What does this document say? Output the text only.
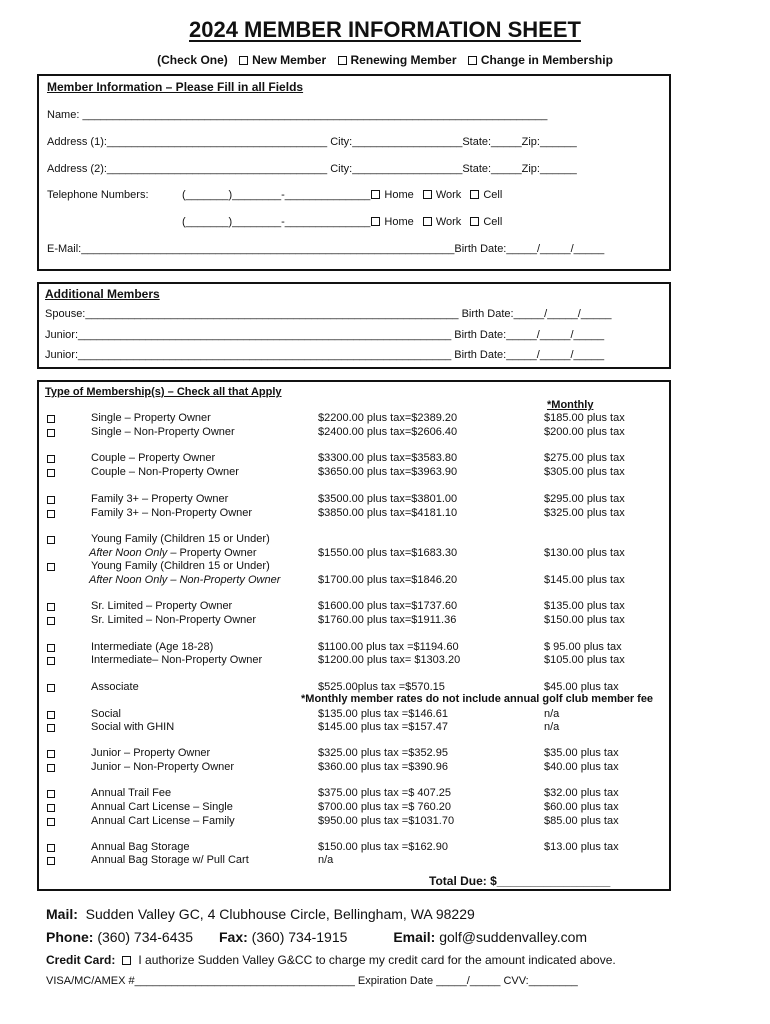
2024 MEMBER INFORMATION SHEET
(Check One) New Member Renewing Member Change in Membership
Member Information – Please Fill in all Fields
Name: ____________________________________________________________________________
Address (1):____________________________________ City:__________________State:_____Zip:______
Address (2):____________________________________ City:__________________State:_____Zip:______
Telephone Numbers:	(_______)________-______________ Home Work Cell
(_______)________-______________ Home Work Cell
E-Mail:_____________________________________________________________Birth Date:_____/_____/_____
Additional Members
Spouse:_____________________________________________________________ Birth Date:_____/_____/_____
Junior:_____________________________________________________________ Birth Date:_____/_____/_____
Junior:_____________________________________________________________ Birth Date:_____/_____/_____
Type of Membership(s) – Check all that Apply
*Monthly
Single – Property Owner	$2200.00 plus tax=$2389.20	$185.00 plus tax
Single – Non-Property Owner	$2400.00 plus tax=$2606.40	$200.00 plus tax
Couple – Property Owner	$3300.00 plus tax=$3583.80	$275.00 plus tax
Couple – Non-Property Owner	$3650.00 plus tax=$3963.90	$305.00 plus tax
Family 3+ – Property Owner	$3500.00 plus tax=$3801.00	$295.00 plus tax
Family 3+ – Non-Property Owner	$3850.00 plus tax=$4181.10	$325.00 plus tax
Young Family (Children 15 or Under)
After Noon Only – Property Owner	$1550.00 plus tax=$1683.30	$130.00 plus tax
Young Family (Children 15 or Under)
After Noon Only – Non-Property Owner	$1700.00 plus tax=$1846.20	$145.00 plus tax
Sr. Limited – Property Owner	$1600.00 plus tax=$1737.60	$135.00 plus tax
Sr. Limited – Non-Property Owner	$1760.00 plus tax=$1911.36	$150.00 plus tax
Intermediate (Age 18-28)	$1100.00 plus tax =$1194.60	$ 95.00 plus tax
Intermediate– Non-Property Owner	$1200.00 plus tax= $1303.20	$105.00 plus tax
Associate	$525.00plus tax =$570.15	$45.00 plus tax
Social	$135.00 plus tax =$146.61	n/a
Social with GHIN	$145.00 plus tax =$157.47	n/a
Junior – Property Owner	$325.00 plus tax =$352.95	$35.00 plus tax
Junior – Non-Property Owner	$360.00 plus tax =$390.96	$40.00 plus tax
Annual Trail Fee	$375.00 plus tax =$ 407.25	$32.00 plus tax
Annual Cart License – Single	$700.00 plus tax =$ 760.20	$60.00 plus tax
Annual Cart License – Family	$950.00 plus tax =$1031.70	$85.00 plus tax
Annual Bag Storage	$150.00 plus tax =$162.90	$13.00 plus tax
Annual Bag Storage w/ Pull Cart	n/a
*Monthly member rates do not include annual golf club member fee
Total Due: $_________________
Mail: Sudden Valley GC, 4 Clubhouse Circle, Bellingham, WA 98229
Phone: (360) 734-6435 Fax: (360) 734-1915	Email: golf@suddenvalley.com
Credit Card: I authorize Sudden Valley G&CC to charge my credit card for the amount indicated above.
VISA/MC/AMEX #____________________________________ Expiration Date _____/_____ CVV:________
